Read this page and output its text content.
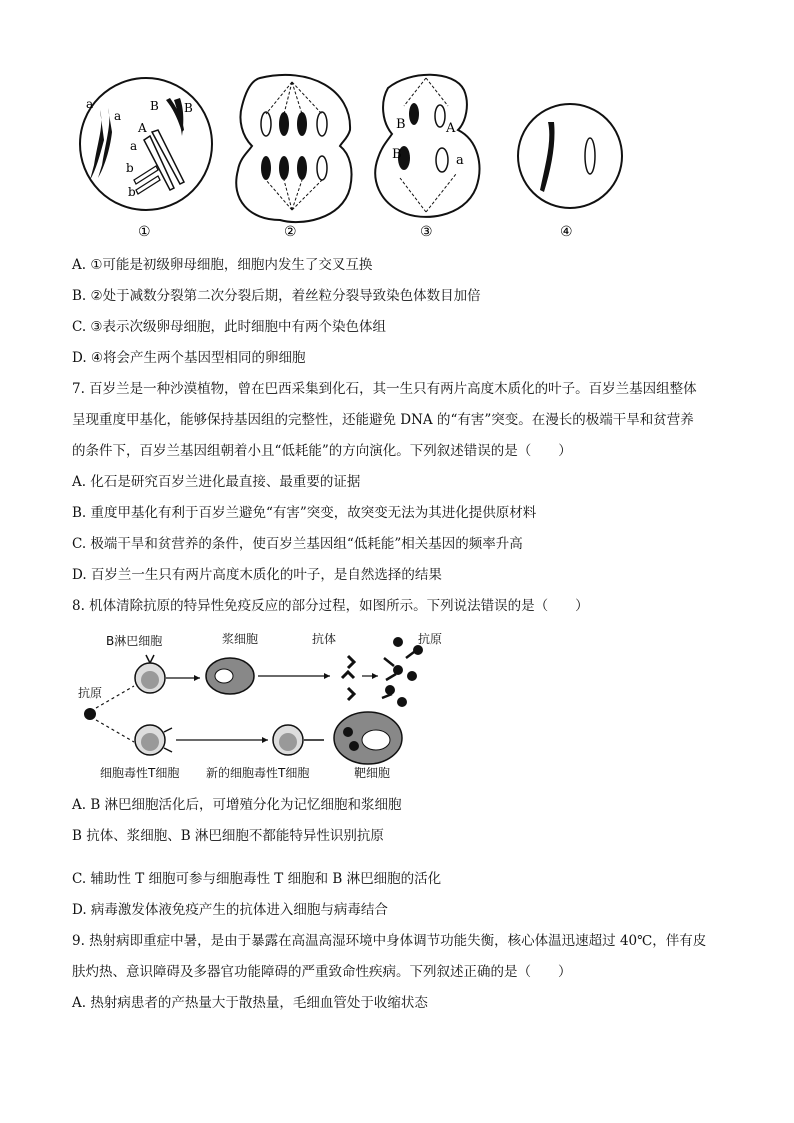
a
a
B B
A
a
b
b
B	A
B	a
①	②	③	④
A. ①可能是初级卵母细胞，细胞内发生了交叉互换
B. ②处于减数分裂第二次分裂后期，着丝粒分裂导致染色体数目加倍
C. ③表示次级卵母细胞，此时细胞中有两个染色体组
D. ④将会产生两个基因型相同的卵细胞
7. 百岁兰是一种沙漠植物，曾在巴西采集到化石，其一生只有两片高度木质化的叶子。百岁兰基因组整体
呈现重度甲基化，能够保持基因组的完整性，还能避免 DNA 的“有害”突变。在漫长的极端干旱和贫营养
的条件下，百岁兰基因组朝着小且“低耗能”的方向演化。下列叙述错误的是（　　）
A. 化石是研究百岁兰进化最直接、最重要的证据
B. 重度甲基化有利于百岁兰避免“有害”突变，故突变无法为其进化提供原材料
C. 极端干旱和贫营养的条件，使百岁兰基因组“低耗能”相关基因的频率升高
D. 百岁兰一生只有两片高度木质化的叶子，是自然选择的结果
8. 机体清除抗原的特异性免疫反应的部分过程，如图所示。下列说法错误的是（　　）
B淋巴细胞	浆细胞	抗体	抗原
抗原
细胞毒性T细胞 新的细胞毒性T细胞	靶细胞
A. B 淋巴细胞活化后，可增殖分化为记忆细胞和浆细胞
B 抗体、浆细胞、B 淋巴细胞不都能特异性识别抗原
C. 辅助性 T 细胞可参与细胞毒性 T 细胞和 B 淋巴细胞的活化
D. 病毒激发体液免疫产生的抗体进入细胞与病毒结合
9. 热射病即重症中暑，是由于暴露在高温高湿环境中身体调节功能失衡，核心体温迅速超过 40℃，伴有皮
肤灼热、意识障碍及多器官功能障碍的严重致命性疾病。下列叙述正确的是（　　）
A. 热射病患者的产热量大于散热量，毛细血管处于收缩状态
